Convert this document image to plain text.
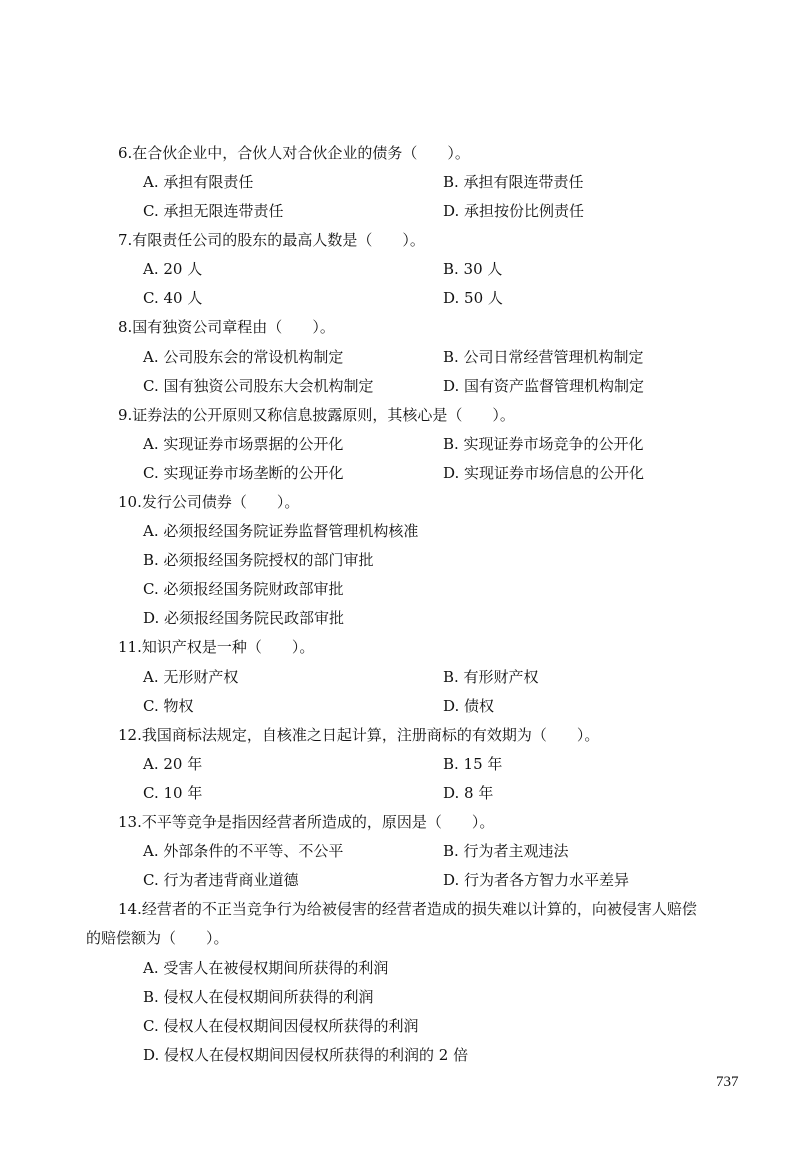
6.在合伙企业中，合伙人对合伙企业的债务（　　）。
A. 承担有限责任	B. 承担有限连带责任
C. 承担无限连带责任	D. 承担按份比例责任
7.有限责任公司的股东的最高人数是（　　）。
A. 20 人	B. 30 人
C. 40 人	D. 50 人
8.国有独资公司章程由（　　）。
A. 公司股东会的常设机构制定	B. 公司日常经营管理机构制定
C. 国有独资公司股东大会机构制定	D. 国有资产监督管理机构制定
9.证券法的公开原则又称信息披露原则，其核心是（　　）。
A. 实现证券市场票据的公开化	B. 实现证券市场竞争的公开化
C. 实现证券市场垄断的公开化	D. 实现证券市场信息的公开化
10.发行公司债券（　　）。
A. 必须报经国务院证券监督管理机构核准
B. 必须报经国务院授权的部门审批
C. 必须报经国务院财政部审批
D. 必须报经国务院民政部审批
11.知识产权是一种（　　）。
A. 无形财产权	B. 有形财产权
C. 物权	D. 债权
12.我国商标法规定，自核准之日起计算，注册商标的有效期为（　　）。
A. 20 年	B. 15 年
C. 10 年	D. 8 年
13.不平等竞争是指因经营者所造成的，原因是（　　）。
A. 外部条件的不平等、不公平	B. 行为者主观违法
C. 行为者违背商业道德	D. 行为者各方智力水平差异
14.经营者的不正当竞争行为给被侵害的经营者造成的损失难以计算的，向被侵害人赔偿
的赔偿额为（　　）。
A. 受害人在被侵权期间所获得的利润
B. 侵权人在侵权期间所获得的利润
C. 侵权人在侵权期间因侵权所获得的利润
D. 侵权人在侵权期间因侵权所获得的利润的 2 倍
737
